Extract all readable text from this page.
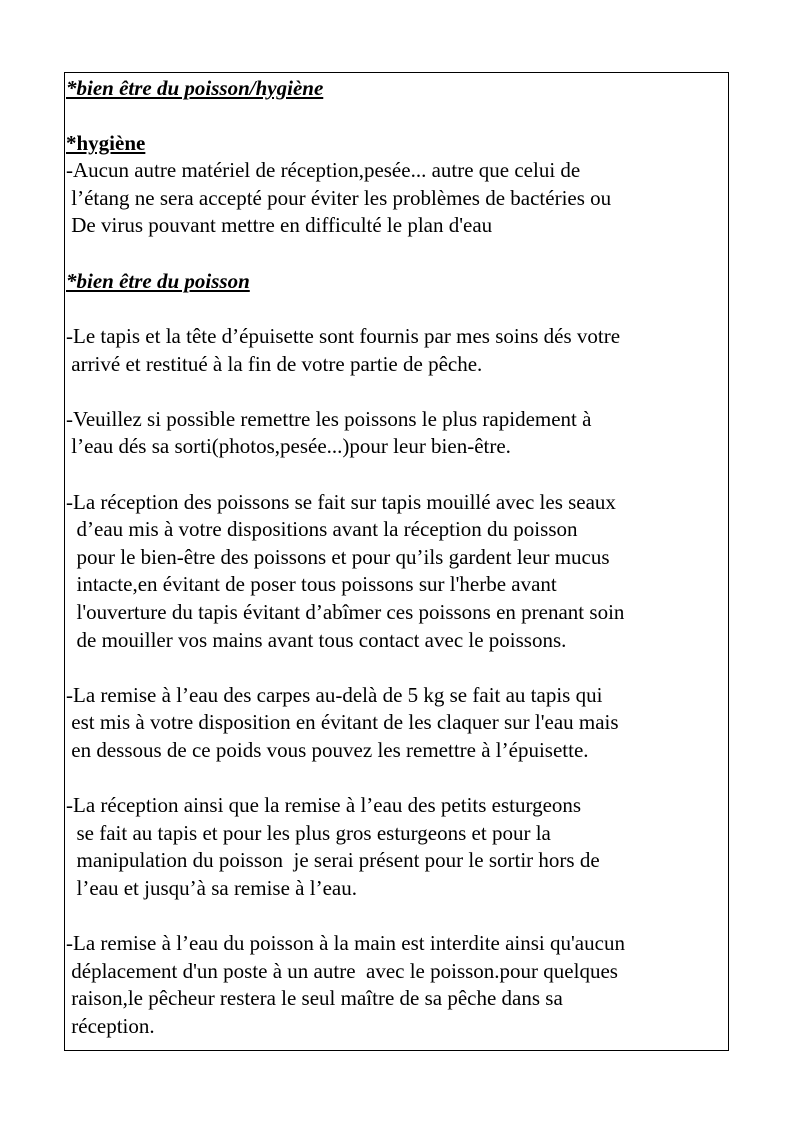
*bien être du poisson/hygiène

*hygiène

-Aucun autre matériel de réception,pesée... autre que celui de

l’étang ne sera accepté pour éviter les problèmes de bactéries ou

De virus pouvant mettre en difficulté le plan d'eau

*bien être du poisson

-Le tapis et la tête d’épuisette sont fournis par mes soins dés votre

arrivé et restitué à la fin de votre partie de pêche.

-Veuillez si possible remettre les poissons le plus rapidement à

l’eau dés sa sorti(photos,pesée...)pour leur bien-être.

-La réception des poissons se fait sur tapis mouillé avec les seaux

d’eau mis à votre dispositions avant la réception du poisson

pour le bien-être des poissons et pour qu’ils gardent leur mucus

intacte,en évitant de poser tous poissons sur l'herbe avant

l'ouverture du tapis évitant d’abîmer ces poissons en prenant soin

de mouiller vos mains avant tous contact avec le poissons.

-La remise à l’eau des carpes au-delà de 5 kg se fait au tapis qui

est mis à votre disposition en évitant de les claquer sur l'eau mais

en dessous de ce poids vous pouvez les remettre à l’épuisette.

-La réception ainsi que la remise à l’eau des petits esturgeons

se fait au tapis et pour les plus gros esturgeons et pour la

manipulation du poisson  je serai présent pour le sortir hors de

l’eau et jusqu’à sa remise à l’eau.

-La remise à l’eau du poisson à la main est interdite ainsi qu'aucun

déplacement d'un poste à un autre  avec le poisson.pour quelques

raison,le pêcheur restera le seul maître de sa pêche dans sa

réception.
